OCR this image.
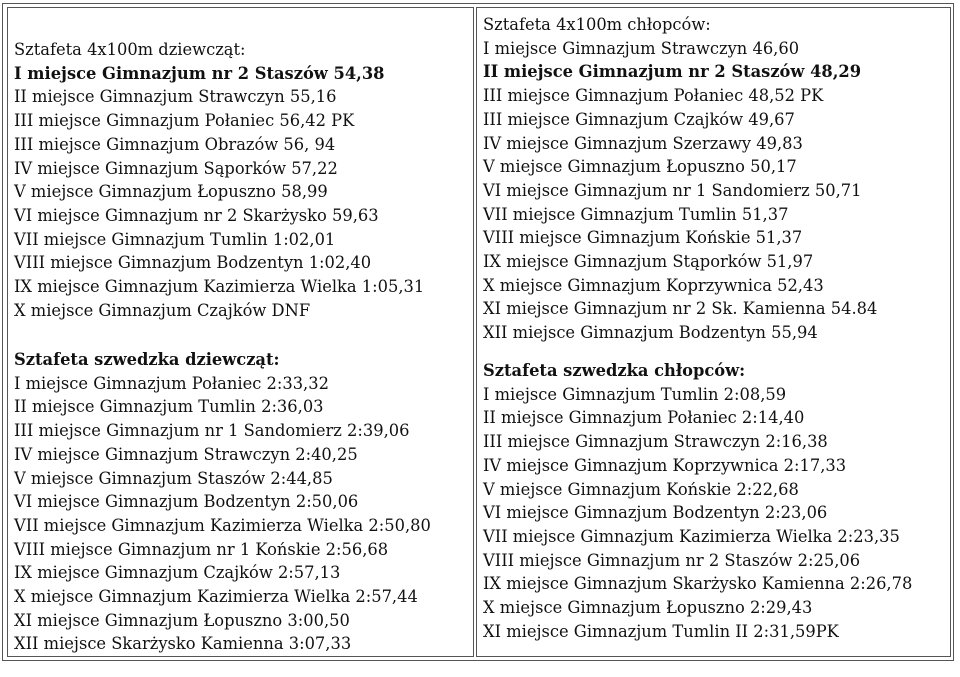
Sztafeta 4x100m dziewcząt:
I miejsce Gimnazjum nr 2 Staszów 54,38
II miejsce Gimnazjum Strawczyn 55,16
III miejsce Gimnazjum Połaniec 56,42 PK
III miejsce Gimnazjum Obrazów 56, 94
IV miejsce Gimnazjum Sąporków 57,22
V miejsce Gimnazjum Łopuszno 58,99
VI miejsce Gimnazjum nr 2 Skarżysko 59,63
VII miejsce Gimnazjum Tumlin 1:02,01
VIII miejsce Gimnazjum Bodzentyn 1:02,40
IX miejsce Gimnazjum Kazimierza Wielka 1:05,31
X miejsce Gimnazjum Czajków DNF
Sztafeta szwedzka dziewcząt:
I miejsce Gimnazjum Połaniec 2:33,32
II miejsce Gimnazjum Tumlin 2:36,03
III miejsce Gimnazjum nr 1 Sandomierz 2:39,06
IV miejsce Gimnazjum Strawczyn 2:40,25
V miejsce Gimnazjum Staszów 2:44,85
VI miejsce Gimnazjum Bodzentyn 2:50,06
VII miejsce Gimnazjum Kazimierza Wielka 2:50,80
VIII miejsce Gimnazjum nr 1 Końskie 2:56,68
IX miejsce Gimnazjum Czajków 2:57,13
X miejsce Gimnazjum Kazimierza Wielka 2:57,44
XI miejsce Gimnazjum Łopuszno 3:00,50
XII miejsce Skarżysko Kamienna 3:07,33
Sztafeta 4x100m chłopców:
I miejsce Gimnazjum Strawczyn 46,60
II miejsce Gimnazjum nr 2 Staszów 48,29
III miejsce Gimnazjum Połaniec 48,52 PK
III miejsce Gimnazjum Czajków 49,67
IV miejsce Gimnazjum Szerzawy 49,83
V miejsce Gimnazjum Łopuszno 50,17
VI miejsce Gimnazjum nr 1 Sandomierz 50,71
VII miejsce Gimnazjum Tumlin 51,37
VIII miejsce Gimnazjum Końskie 51,37
IX miejsce Gimnazjum Stąporków 51,97
X miejsce Gimnazjum Koprzywnica 52,43
XI miejsce Gimnazjum nr 2 Sk. Kamienna 54.84
XII miejsce Gimnazjum Bodzentyn 55,94
Sztafeta szwedzka chłopców:
I miejsce Gimnazjum Tumlin 2:08,59
II miejsce Gimnazjum Połaniec 2:14,40
III miejsce Gimnazjum Strawczyn 2:16,38
IV miejsce Gimnazjum Koprzywnica 2:17,33
V miejsce Gimnazjum Końskie 2:22,68
VI miejsce Gimnazjum Bodzentyn 2:23,06
VII miejsce Gimnazjum Kazimierza Wielka 2:23,35
VIII miejsce Gimnazjum nr 2 Staszów 2:25,06
IX miejsce Gimnazjum Skarżysko Kamienna 2:26,78
X miejsce Gimnazjum Łopuszno 2:29,43
XI miejsce Gimnazjum Tumlin II 2:31,59PK
